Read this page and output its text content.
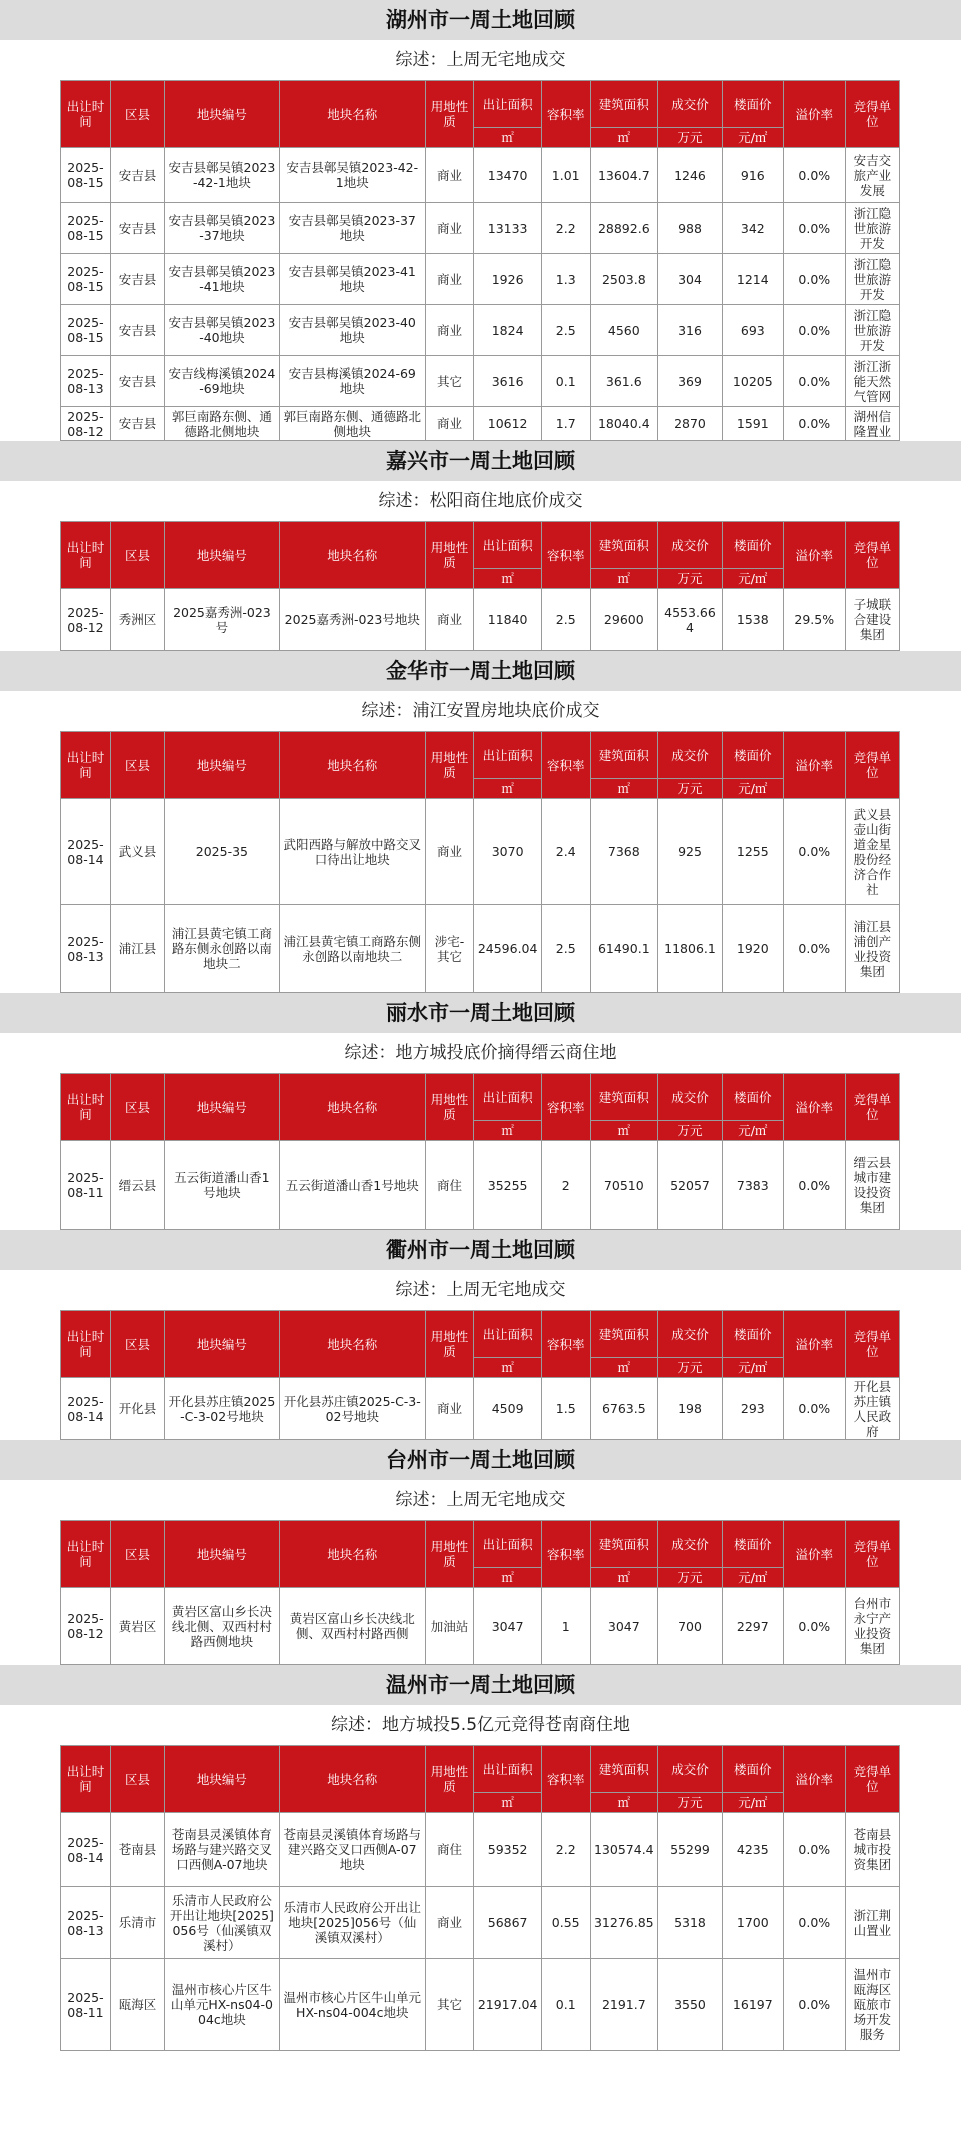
湖州市一周土地回顾
综述：上周无宅地成交
出让时间	区县	地块编号	地块名称	用地性质	出让面积	容积率	建筑面积	成交价	楼面价	溢价率	竞得单位
					㎡		㎡	万元	元/㎡		
2025-08-15	安吉县	安吉县鄣吴镇2023-42-1地块	安吉县鄣吴镇2023-42-1地块	商业	13470	1.01	13604.7	1246	916	0.0%	安吉交旅产业发展
2025-08-15	安吉县	安吉县鄣吴镇2023-37地块	安吉县鄣吴镇2023-37地块	商业	13133	2.2	28892.6	988	342	0.0%	浙江隐世旅游开发
2025-08-15	安吉县	安吉县鄣吴镇2023-41地块	安吉县鄣吴镇2023-41地块	商业	1926	1.3	2503.8	304	1214	0.0%	浙江隐世旅游开发
2025-08-15	安吉县	安吉县鄣吴镇2023-40地块	安吉县鄣吴镇2023-40地块	商业	1824	2.5	4560	316	693	0.0%	浙江隐世旅游开发
2025-08-13	安吉县	安吉线梅溪镇2024-69地块	安吉县梅溪镇2024-69地块	其它	3616	0.1	361.6	369	10205	0.0%	浙江浙能天然气管网
2025-08-12	安吉县	郭巨南路东侧、通德路北侧地块	郭巨南路东侧、通德路北侧地块	商业	10612	1.7	18040.4	2870	1591	0.0%	湖州信隆置业
嘉兴市一周土地回顾
综述：松阳商住地底价成交
出让时间	区县	地块编号	地块名称	用地性质	出让面积	容积率	建筑面积	成交价	楼面价	溢价率	竞得单位
					㎡		㎡	万元	元/㎡		
2025-08-12	秀洲区	2025嘉秀洲-023号	2025嘉秀洲-023号地块	商业	11840	2.5	29600	4553.664	1538	29.5%	子城联合建设集团
金华市一周土地回顾
综述：浦江安置房地块底价成交
出让时间	区县	地块编号	地块名称	用地性质	出让面积	容积率	建筑面积	成交价	楼面价	溢价率	竞得单位
					㎡		㎡	万元	元/㎡		
2025-08-14	武义县	2025-35	武阳西路与解放中路交叉口待出让地块	商业	3070	2.4	7368	925	1255	0.0%	武义县壶山街道金星股份经济合作社
2025-08-13	浦江县	浦江县黄宅镇工商路东侧永创路以南地块二	浦江县黄宅镇工商路东侧永创路以南地块二	涉宅-其它	24596.04	2.5	61490.1	11806.1	1920	0.0%	浦江县浦创产业投资集团
丽水市一周土地回顾
综述：地方城投底价摘得缙云商住地
出让时间	区县	地块编号	地块名称	用地性质	出让面积	容积率	建筑面积	成交价	楼面价	溢价率	竞得单位
					㎡		㎡	万元	元/㎡		
2025-08-11	缙云县	五云街道潘山香1号地块	五云街道潘山香1号地块	商住	35255	2	70510	52057	7383	0.0%	缙云县城市建设投资集团
衢州市一周土地回顾
综述：上周无宅地成交
出让时间	区县	地块编号	地块名称	用地性质	出让面积	容积率	建筑面积	成交价	楼面价	溢价率	竞得单位
					㎡		㎡	万元	元/㎡		
2025-08-14	开化县	开化县苏庄镇2025-C-3-02号地块	开化县苏庄镇2025-C-3-02号地块	商业	4509	1.5	6763.5	198	293	0.0%	开化县苏庄镇人民政府
台州市一周土地回顾
综述：上周无宅地成交
出让时间	区县	地块编号	地块名称	用地性质	出让面积	容积率	建筑面积	成交价	楼面价	溢价率	竞得单位
					㎡		㎡	万元	元/㎡		
2025-08-12	黄岩区	黄岩区富山乡长决线北侧、双西村村路西侧地块	黄岩区富山乡长决线北侧、双西村村路西侧	加油站	3047	1	3047	700	2297	0.0%	台州市永宁产业投资集团
温州市一周土地回顾
综述：地方城投5.5亿元竞得苍南商住地
出让时间	区县	地块编号	地块名称	用地性质	出让面积	容积率	建筑面积	成交价	楼面价	溢价率	竞得单位
					㎡		㎡	万元	元/㎡		
2025-08-14	苍南县	苍南县灵溪镇体育场路与建兴路交叉口西侧A-07地块	苍南县灵溪镇体育场路与建兴路交叉口西侧A-07地块	商住	59352	2.2	130574.4	55299	4235	0.0%	苍南县城市投资集团
2025-08-13	乐清市	乐清市人民政府公开出让地块[2025]056号（仙溪镇双溪村）	乐清市人民政府公开出让地块[2025]056号（仙溪镇双溪村）	商业	56867	0.55	31276.85	5318	1700	0.0%	浙江荆山置业
2025-08-11	瓯海区	温州市核心片区牛山单元HX-ns04-004c地块	温州市核心片区牛山单元HX-ns04-004c地块	其它	21917.04	0.1	2191.7	3550	16197	0.0%	温州市瓯海区瓯旅市场开发服务
